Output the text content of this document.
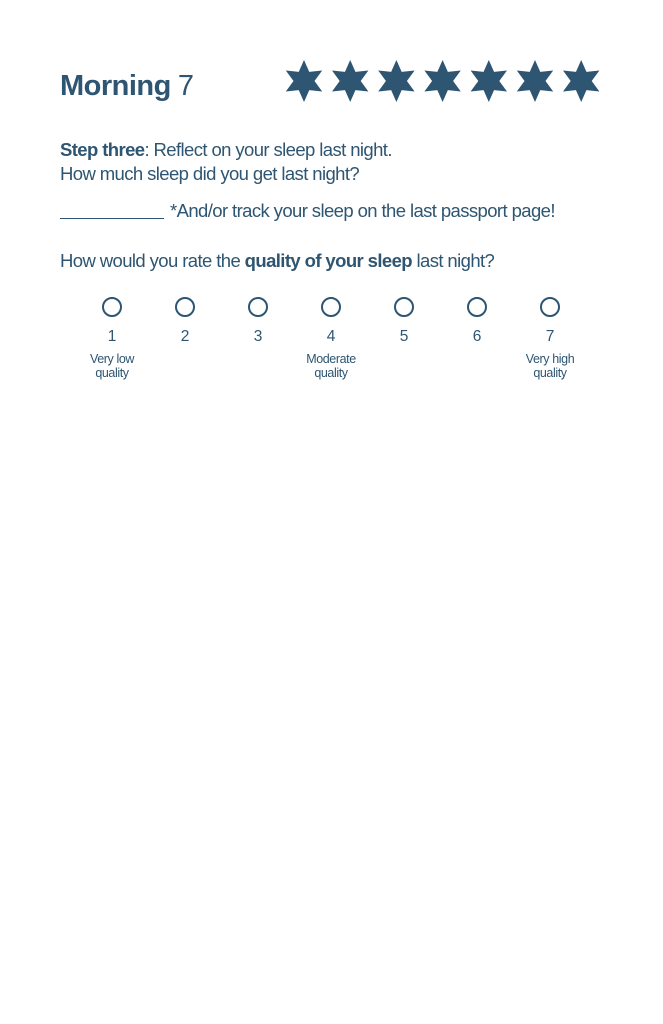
Morning 7
Step three: Reflect on your sleep last night.
How much sleep did you get last night?
*And/or track your sleep on the last passport page!
How would you rate the quality of your sleep last night?
1	2	3	4	5	6	7
Very low
quality
Moderate
quality
Very high
quality
